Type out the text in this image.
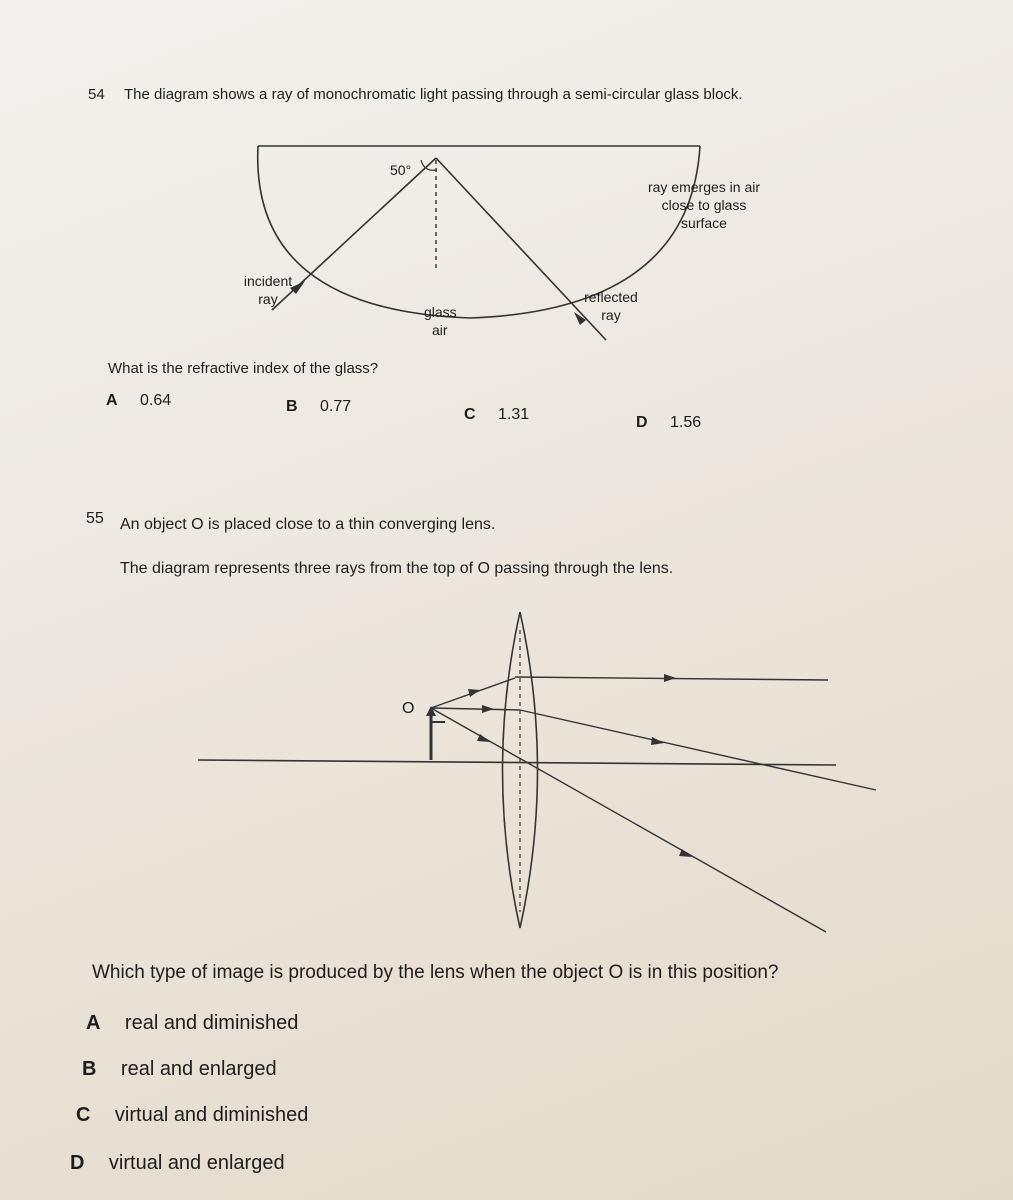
54 The diagram shows a ray of monochromatic light passing through a semi-circular glass block.
50°
ray emerges in air
close to glass
surface
incident
ray	reflected
ray
glass
air
What is the refractive index of the glass?
A 0.64	B 0.77	C 1.31	D 1.56
55 An object O is placed close to a thin converging lens.
The diagram represents three rays from the top of O passing through the lens.
O
Which type of image is produced by the lens when the object O is in this position?
A real and diminished
B real and enlarged
C virtual and diminished
D virtual and enlarged
